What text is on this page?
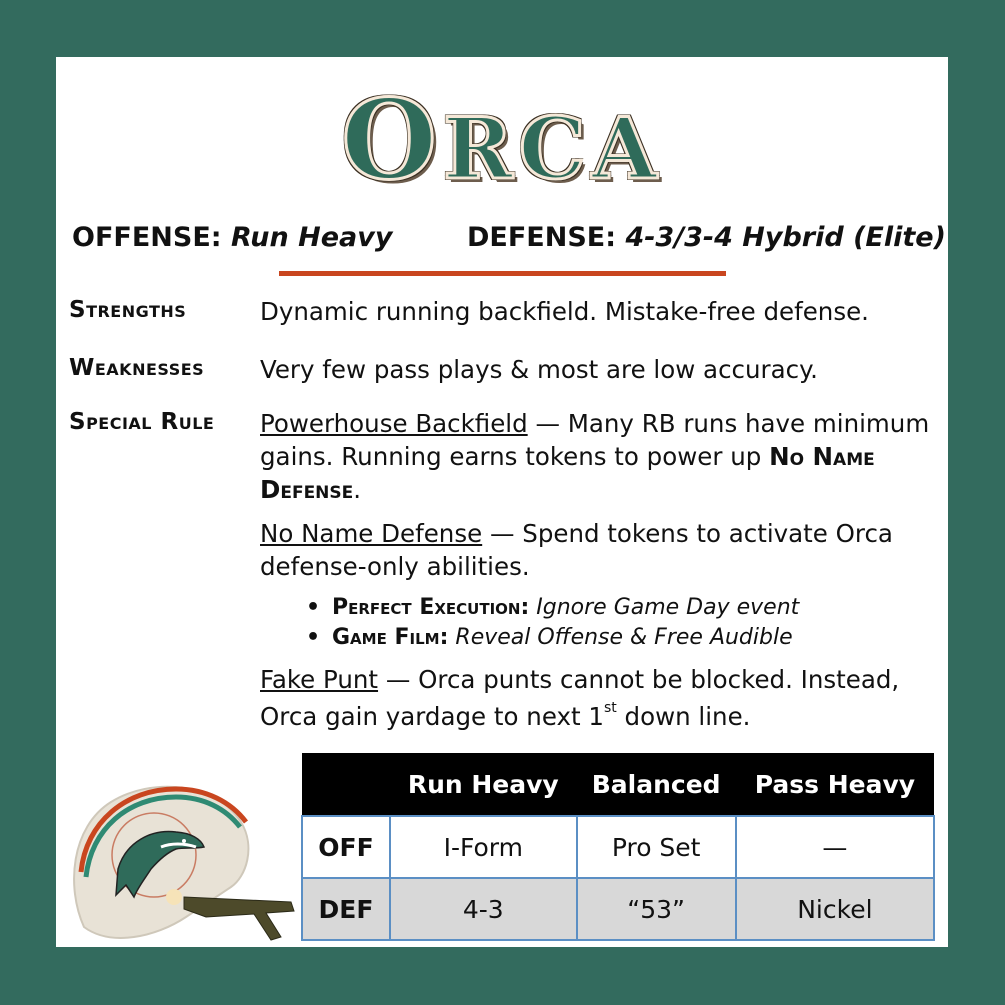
ORCA
OFFENSE: Run Heavy	DEFENSE: 4-3/3-4 Hybrid (Elite)
Strengths	Dynamic running backfield. Mistake-free defense.
Weaknesses Very few pass plays & most are low accuracy.
Special Rule Powerhouse Backfield — Many RB runs have minimum gains. Running earns tokens to power up No Name Defense.
No Name Defense — Spend tokens to activate Orca defense-only abilities.
• Perfect Execution: Ignore Game Day event
• Game Film: Reveal Offense & Free Audible
Fake Punt — Orca punts cannot be blocked. Instead, Orca gain yardage to next 1st down line.
	Run Heavy	Balanced	Pass Heavy
OFF	I-Form	Pro Set	—
DEF	4-3	“53”	Nickel
